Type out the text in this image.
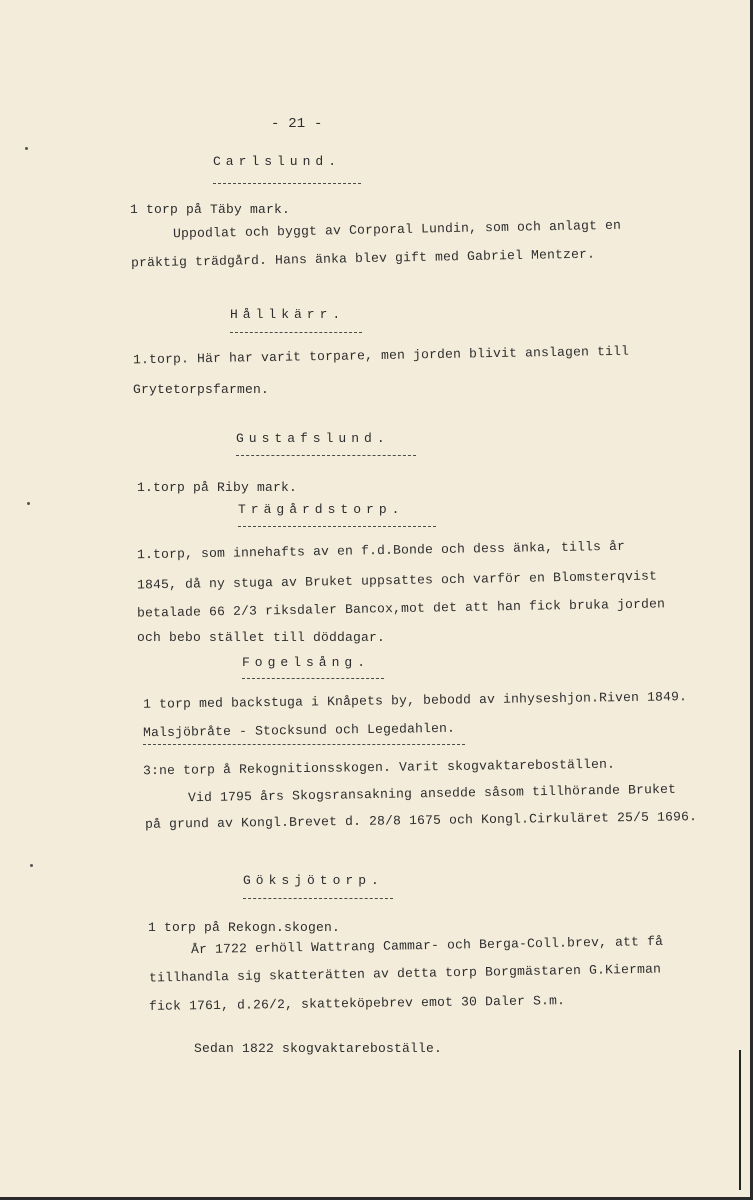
- 21 -
Carlslund.
1 torp på Täby mark.
Uppodlat och byggt av Corporal Lundin, som och anlagt en
präktig trädgård. Hans änka blev gift med Gabriel Mentzer.
Hållkärr.
1.torp. Här har varit torpare, men jorden blivit anslagen till
Grytetorpsfarmen.
Gustafslund.
1.torp på Riby mark.
Trägårdstorp.
1.torp, som innehafts av en f.d.Bonde och dess änka, tills år
1845, då ny stuga av Bruket uppsattes och varför en Blomsterqvist
betalade 66 2/3 riksdaler Bancox,mot det att han fick bruka jorden
och bebo stället till döddagar.
Fogelsång.
1 torp med backstuga i Knåpets by, bebodd av inhyseshjon.Riven 1849.
Malsjöbråte - Stocksund och Legedahlen.
3:ne torp å Rekognitionsskogen. Varit skogvaktareboställen.
Vid 1795 års Skogsransakning ansedde såsom tillhörande Bruket
på grund av Kongl.Brevet d. 28/8 1675 och Kongl.Cirkuläret 25/5 1696.
Göksjötorp.
1 torp på Rekogn.skogen.
År 1722 erhöll Wattrang Cammar- och Berga-Coll.brev, att få
tillhandla sig skatterätten av detta torp Borgmästaren G.Kierman
fick 1761, d.26/2, skatteköpebrev emot 30 Daler S.m.
Sedan 1822 skogvaktareboställe.
